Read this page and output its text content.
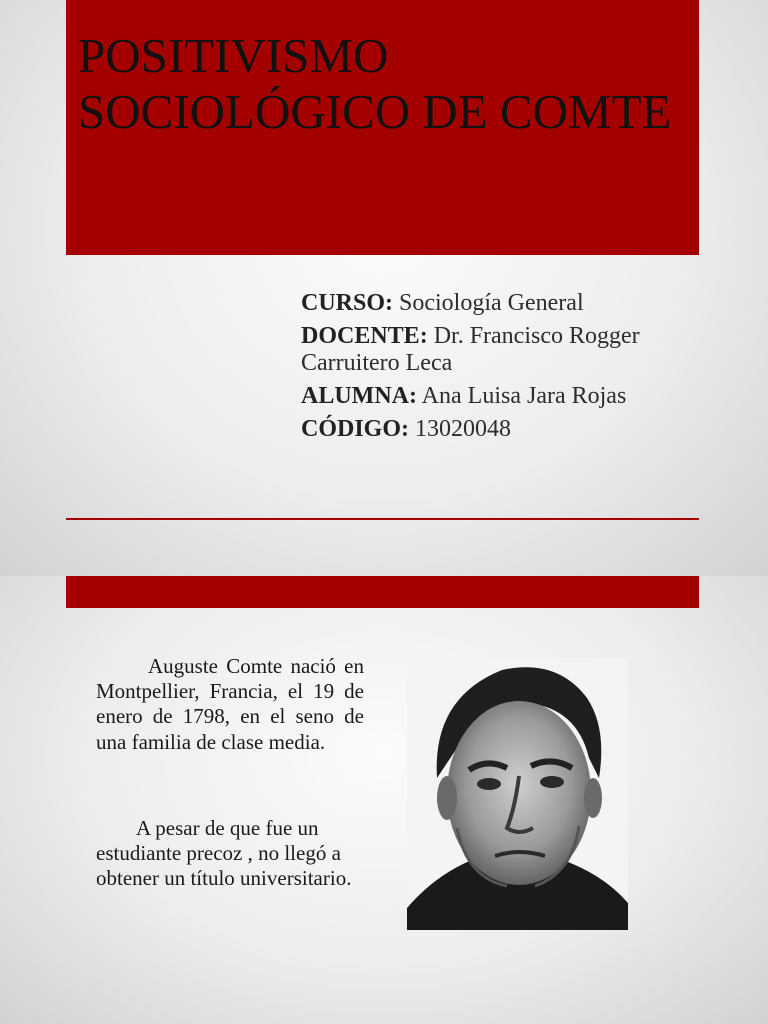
POSITIVISMO SOCIOLÓGICO DE COMTE
CURSO: Sociología General
DOCENTE: Dr. Francisco Rogger Carruitero Leca
ALUMNA: Ana Luisa Jara Rojas
CÓDIGO: 13020048

Auguste Comte nació en Montpellier, Francia, el 19 de enero de 1798, en el seno de una familia de clase media.

A pesar de que fue un estudiante precoz , no llegó a obtener un título universitario.
